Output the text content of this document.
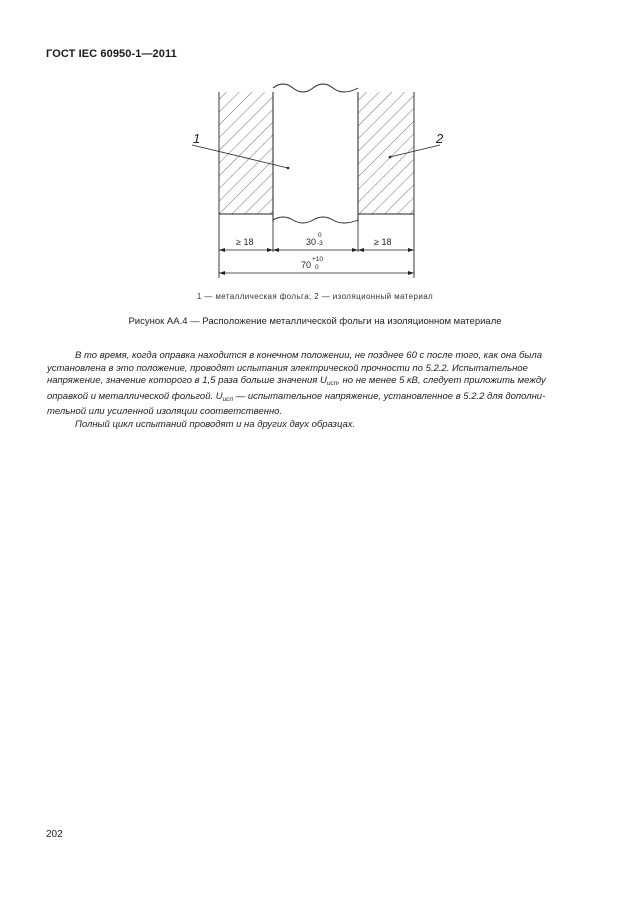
ГОСТ IEC 60950-1—2011
1	2
≥ 18	≥ 18
30
0
-3
70
+10
0
1 — металлическая фольга; 2 — изоляционный материал
Рисунок АА.4 — Расположение металлической фольги на изоляционном материале

В то время, когда оправка находится в конечном положении, не позднее 60 с после того, как она была

установлена в это положение, проводят испытания электрической прочности по 5.2.2. Испытательное

напряжение, значение которого в 1,5 раза больше значения $U_{исп}$, но не менее 5 кВ, следует приложить между

оправкой и металлической фольгой. $U_{исп}$ — испытательное напряжение, установленное в 5.2.2 для дополни-

тельной или усиленной изоляции соответственно.

Полный цикл испытаний проводят и на других двух образцах.

202
